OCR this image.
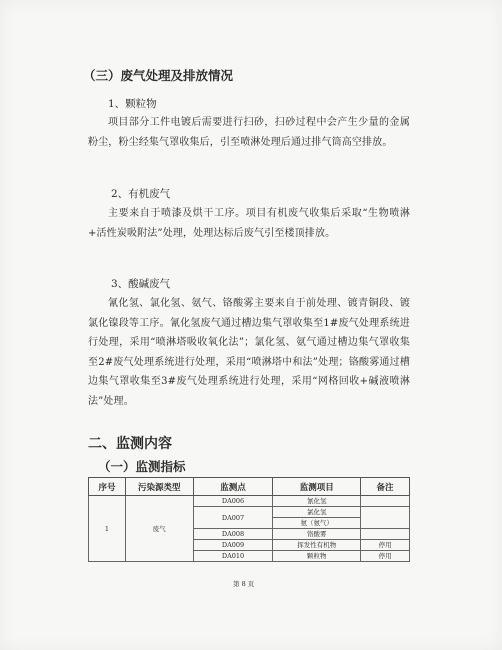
（三）废气处理及排放情况
1、颗粒物
项目部分工件电镀后需要进行扫砂，扫砂过程中会产生少量的金属粉尘，粉尘经集气罩收集后，引至喷淋处理后通过排气筒高空排放。
2、有机废气
主要来自于喷漆及烘干工序。项目有机废气收集后采取“生物喷淋+活性炭吸附法”处理，处理达标后废气引至楼顶排放。
3、酸碱废气
氰化氢、氯化氢、氨气、铬酸雾主要来自于前处理、镀青铜段、镀氯化镍段等工序。氰化氢废气通过槽边集气罩收集至1#废气处理系统进行处理，采用“喷淋塔吸收氧化法”；氯化氢、氨气通过槽边集气罩收集至2#废气处理系统进行处理，采用“喷淋塔中和法”处理；铬酸雾通过槽边集气罩收集至3#废气处理系统进行处理，采用“网格回收+碱液喷淋法”处理。
二、监测内容
（一）监测指标
序号	污染源类型	监测点	监测项目	备注
1	废气	DA006	氰化氢	
		DA007	氯化氢	
			氨（氨气）	
		DA008	铬酸雾	
		DA009	挥发性有机物	停用
		DA010	颗粒物	停用
第 8 页
